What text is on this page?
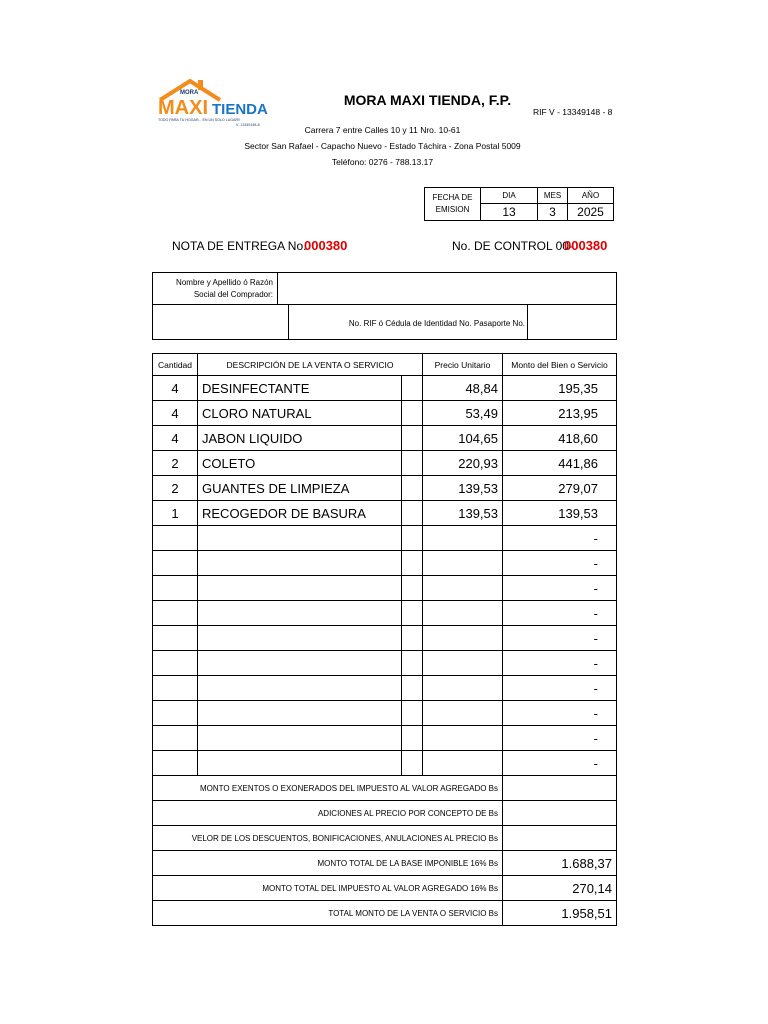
MORA
MAXI TIENDA
TODO PARA TU HOGAR... EN UN SOLO LUGAR!!
V- 13349148-8
MORA MAXI TIENDA, F.P.
RIF V - 13349148 - 8
Carrera 7 entre Calles 10 y 11 Nro. 10-61
Sector San Rafael - Capacho Nuevo - Estado Táchira - Zona Postal 5009
Teléfono: 0276 - 788.13.17
FECHA DE EMISION	DIA	MES	AÑO
	13	3	2025
NOTA DE ENTREGA No.
000380	No. DE CONTROL 00-
000380
Nombre y Apellido ó Razón Social del Comprador:
No. RIF ó Cédula de Identidad No. Pasaporte No.
Cantidad	DESCRIPCIÓN DE LA VENTA O SERVICIO		Precio Unitario	Monto del Bien o Servicio
4	DESINFECTANTE		48,84	195,35
4	CLORO NATURAL		53,49	213,95
4	JABON LIQUIDO		104,65	418,60
2	COLETO		220,93	441,86
2	GUANTES DE LIMPIEZA		139,53	279,07
1	RECOGEDOR DE BASURA		139,53	139,53
				-
				-
				-
				-
				-
				-
				-
				-
				-
				-
MONTO EXENTOS O EXONERADOS DEL IMPUESTO AL VALOR AGREGADO Bs				
ADICIONES AL PRECIO POR CONCEPTO DE Bs				
VELOR DE LOS DESCUENTOS, BONIFICACIONES, ANULACIONES AL PRECIO Bs				
MONTO TOTAL DE LA BASE IMPONIBLE 16% Bs				1.688,37
MONTO TOTAL DEL IMPUESTO AL VALOR AGREGADO 16% Bs				270,14
TOTAL MONTO DE LA VENTA O SERVICIO Bs				1.958,51
